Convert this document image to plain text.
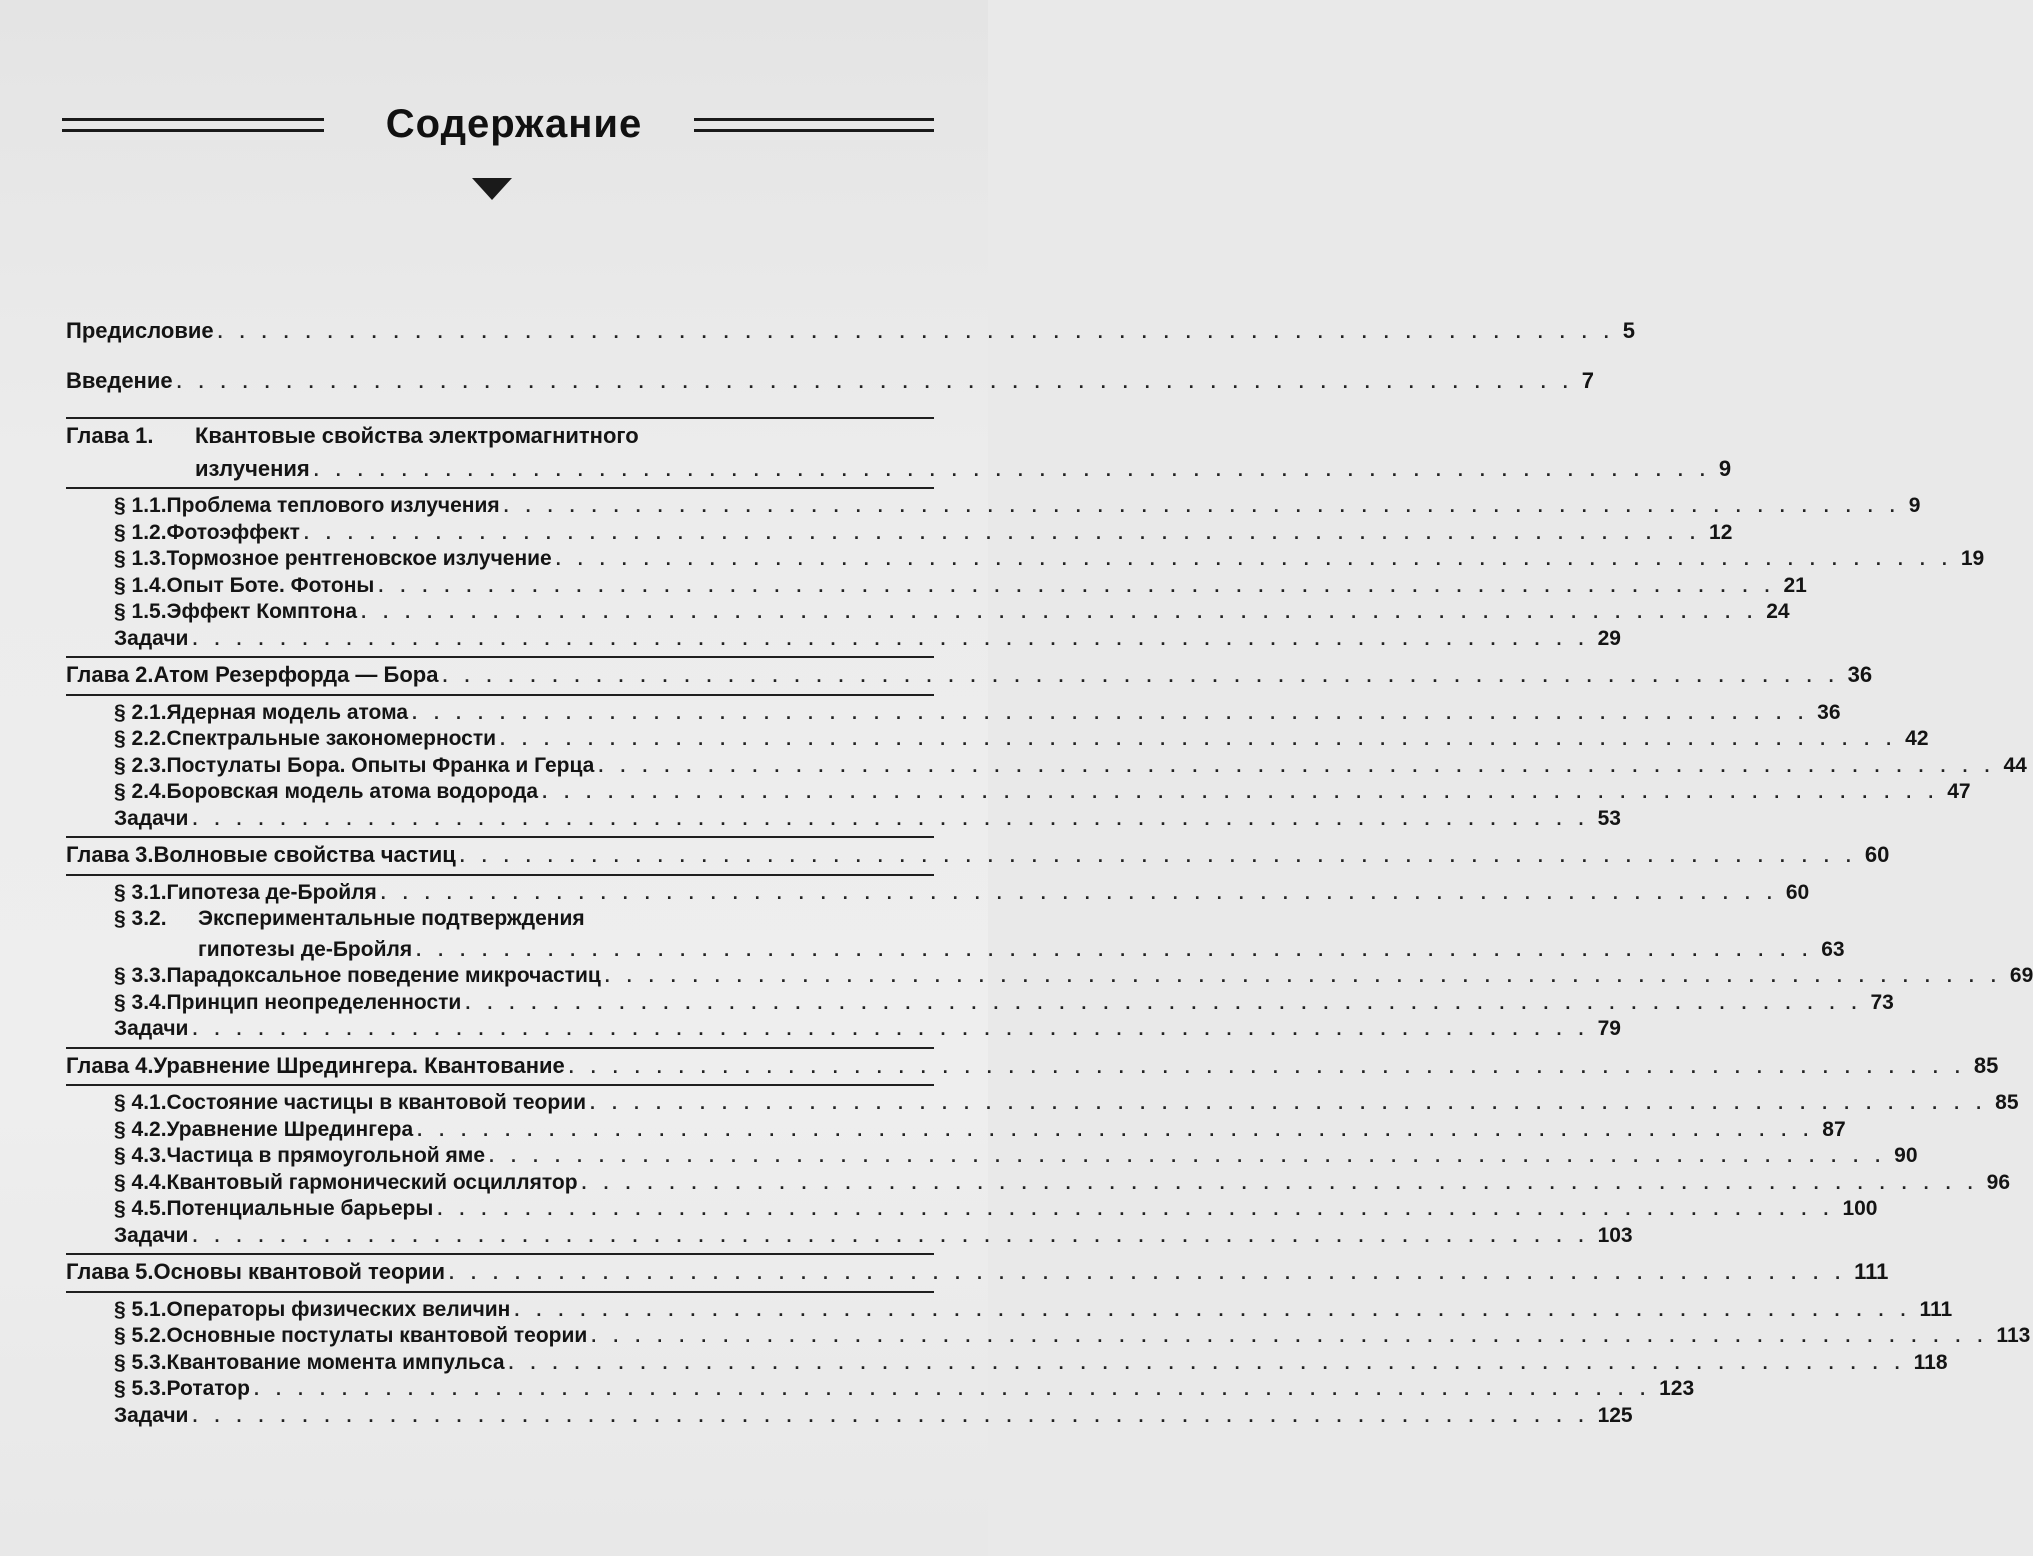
Содержание
Предисловие . . . . . . . . . . . . . . . . . . . . . . . . . . . . . . . . . . . . . . . . . . . . . . . . . . . . . . . . . . . . . . . . 5
Введение . . . . . . . . . . . . . . . . . . . . . . . . . . . . . . . . . . . . . . . . . . . . . . . . . . . . . . . . . . . . . . . . 7
Глава 1.	Квантовые свойства электромагнитного
излучения . . . . . . . . . . . . . . . . . . . . . . . . . . . . . . . . . . . . . . . . . . . . . . . . . . . . . . . . . . . . . . . . 9
§ 1.1. Проблема теплового излучения . . . . . . . . . . . . . . . . . . . . . . . . . . . . . . . . . . . . . . . . . . . . . . . . . . . . . . . . . . . . . . . . 9
§ 1.2. Фотоэффект . . . . . . . . . . . . . . . . . . . . . . . . . . . . . . . . . . . . . . . . . . . . . . . . . . . . . . . . . . . . . . . . 12
§ 1.3. Тормозное рентгеновское излучение . . . . . . . . . . . . . . . . . . . . . . . . . . . . . . . . . . . . . . . . . . . . . . . . . . . . . . . . . . . . . . . . 19
§ 1.4. Опыт Боте. Фотоны . . . . . . . . . . . . . . . . . . . . . . . . . . . . . . . . . . . . . . . . . . . . . . . . . . . . . . . . . . . . . . . . 21
§ 1.5. Эффект Комптона . . . . . . . . . . . . . . . . . . . . . . . . . . . . . . . . . . . . . . . . . . . . . . . . . . . . . . . . . . . . . . . . 24
Задачи . . . . . . . . . . . . . . . . . . . . . . . . . . . . . . . . . . . . . . . . . . . . . . . . . . . . . . . . . . . . . . . . 29
Глава 2. Атом Резерфорда — Бора . . . . . . . . . . . . . . . . . . . . . . . . . . . . . . . . . . . . . . . . . . . . . . . . . . . . . . . . . . . . . . . . 36
§ 2.1. Ядерная модель атома . . . . . . . . . . . . . . . . . . . . . . . . . . . . . . . . . . . . . . . . . . . . . . . . . . . . . . . . . . . . . . . . 36
§ 2.2. Спектральные закономерности . . . . . . . . . . . . . . . . . . . . . . . . . . . . . . . . . . . . . . . . . . . . . . . . . . . . . . . . . . . . . . . . 42
§ 2.3. Постулаты Бора. Опыты Франка и Герца . . . . . . . . . . . . . . . . . . . . . . . . . . . . . . . . . . . . . . . . . . . . . . . . . . . . . . . . . . . . . . . . 44
§ 2.4. Боровская модель атома водорода . . . . . . . . . . . . . . . . . . . . . . . . . . . . . . . . . . . . . . . . . . . . . . . . . . . . . . . . . . . . . . . . 47
Задачи . . . . . . . . . . . . . . . . . . . . . . . . . . . . . . . . . . . . . . . . . . . . . . . . . . . . . . . . . . . . . . . . 53
Глава 3. Волновые свойства частиц . . . . . . . . . . . . . . . . . . . . . . . . . . . . . . . . . . . . . . . . . . . . . . . . . . . . . . . . . . . . . . . . 60
§ 3.1. Гипотеза де-Бройля . . . . . . . . . . . . . . . . . . . . . . . . . . . . . . . . . . . . . . . . . . . . . . . . . . . . . . . . . . . . . . . . 60
§ 3.2.	Экспериментальные подтверждения
гипотезы де-Бройля . . . . . . . . . . . . . . . . . . . . . . . . . . . . . . . . . . . . . . . . . . . . . . . . . . . . . . . . . . . . . . . . 63
§ 3.3. Парадоксальное поведение микрочастиц . . . . . . . . . . . . . . . . . . . . . . . . . . . . . . . . . . . . . . . . . . . . . . . . . . . . . . . . . . . . . . . . 69
§ 3.4. Принцип неопределенности . . . . . . . . . . . . . . . . . . . . . . . . . . . . . . . . . . . . . . . . . . . . . . . . . . . . . . . . . . . . . . . . 73
Задачи . . . . . . . . . . . . . . . . . . . . . . . . . . . . . . . . . . . . . . . . . . . . . . . . . . . . . . . . . . . . . . . . 79
Глава 4. Уравнение Шредингера. Квантование . . . . . . . . . . . . . . . . . . . . . . . . . . . . . . . . . . . . . . . . . . . . . . . . . . . . . . . . . . . . . . . . 85
§ 4.1. Состояние частицы в квантовой теории . . . . . . . . . . . . . . . . . . . . . . . . . . . . . . . . . . . . . . . . . . . . . . . . . . . . . . . . . . . . . . . . 85
§ 4.2. Уравнение Шредингера . . . . . . . . . . . . . . . . . . . . . . . . . . . . . . . . . . . . . . . . . . . . . . . . . . . . . . . . . . . . . . . . 87
§ 4.3. Частица в прямоугольной яме . . . . . . . . . . . . . . . . . . . . . . . . . . . . . . . . . . . . . . . . . . . . . . . . . . . . . . . . . . . . . . . . 90
§ 4.4. Квантовый гармонический осциллятор . . . . . . . . . . . . . . . . . . . . . . . . . . . . . . . . . . . . . . . . . . . . . . . . . . . . . . . . . . . . . . . . 96
§ 4.5. Потенциальные барьеры . . . . . . . . . . . . . . . . . . . . . . . . . . . . . . . . . . . . . . . . . . . . . . . . . . . . . . . . . . . . . . . . 100
Задачи . . . . . . . . . . . . . . . . . . . . . . . . . . . . . . . . . . . . . . . . . . . . . . . . . . . . . . . . . . . . . . . . 103
Глава 5. Основы квантовой теории . . . . . . . . . . . . . . . . . . . . . . . . . . . . . . . . . . . . . . . . . . . . . . . . . . . . . . . . . . . . . . . . 111
§ 5.1. Операторы физических величин . . . . . . . . . . . . . . . . . . . . . . . . . . . . . . . . . . . . . . . . . . . . . . . . . . . . . . . . . . . . . . . . 111
§ 5.2. Основные постулаты квантовой теории . . . . . . . . . . . . . . . . . . . . . . . . . . . . . . . . . . . . . . . . . . . . . . . . . . . . . . . . . . . . . . . . 113
§ 5.3. Квантование момента импульса . . . . . . . . . . . . . . . . . . . . . . . . . . . . . . . . . . . . . . . . . . . . . . . . . . . . . . . . . . . . . . . . 118
§ 5.3. Ротатор . . . . . . . . . . . . . . . . . . . . . . . . . . . . . . . . . . . . . . . . . . . . . . . . . . . . . . . . . . . . . . . . 123
Задачи . . . . . . . . . . . . . . . . . . . . . . . . . . . . . . . . . . . . . . . . . . . . . . . . . . . . . . . . . . . . . . . . 125
